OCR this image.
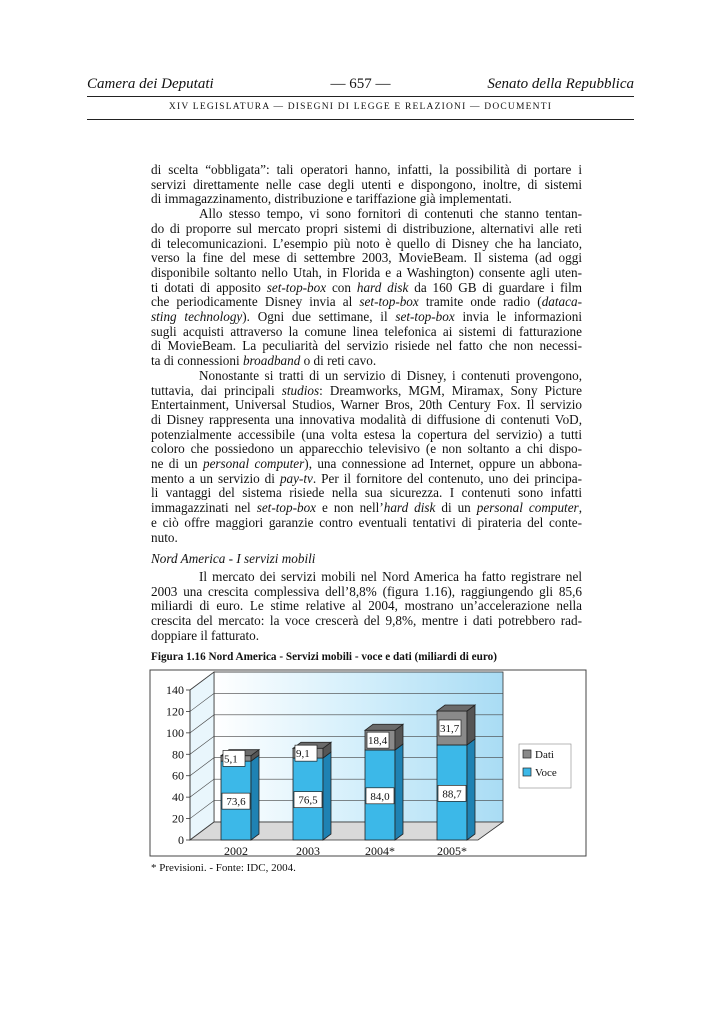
Camera dei Deputati	— 657 —	Senato della Repubblica
XIV LEGISLATURA — DISEGNI DI LEGGE E RELAZIONI — DOCUMENTI
di scelta “obbligata”: tali operatori hanno, infatti, la possibilità di portare i
servizi direttamente nelle case degli utenti e dispongono, inoltre, di sistemi
di immagazzinamento, distribuzione e tariffazione già implementati.
Allo stesso tempo, vi sono fornitori di contenuti che stanno tentan-
do di proporre sul mercato propri sistemi di distribuzione, alternativi alle reti
di telecomunicazioni. L’esempio più noto è quello di Disney che ha lanciato,
verso la fine del mese di settembre 2003, MovieBeam. Il sistema (ad oggi
disponibile soltanto nello Utah, in Florida e a Washington) consente agli uten-
ti dotati di apposito set-top-box con hard disk da 160 GB di guardare i film
che periodicamente Disney invia al set-top-box tramite onde radio (dataca-
sting technology). Ogni due settimane, il set-top-box invia le informazioni
sugli acquisti attraverso la comune linea telefonica ai sistemi di fatturazione
di MovieBeam. La peculiarità del servizio risiede nel fatto che non necessi-
ta di connessioni broadband o di reti cavo.
Nonostante si tratti di un servizio di Disney, i contenuti provengono,
tuttavia, dai principali studios: Dreamworks, MGM, Miramax, Sony Picture
Entertainment, Universal Studios, Warner Bros, 20th Century Fox. Il servizio
di Disney rappresenta una innovativa modalità di diffusione di contenuti VoD,
potenzialmente accessibile (una volta estesa la copertura del servizio) a tutti
coloro che possiedono un apparecchio televisivo (e non soltanto a chi dispo-
ne di un personal computer), una connessione ad Internet, oppure un abbona-
mento a un servizio di pay-tv. Per il fornitore del contenuto, uno dei principa-
li vantaggi del sistema risiede nella sua sicurezza. I contenuti sono infatti
immagazzinati nel set-top-box e non nell’hard disk di un personal computer,
e ciò offre maggiori garanzie contro eventuali tentativi di pirateria del conte-
nuto.
Nord America - I servizi mobili
Il mercato dei servizi mobili nel Nord America ha fatto registrare nel
2003 una crescita complessiva dell’8,8% (figura 1.16), raggiungendo gli 85,6
miliardi di euro. Le stime relative al 2004, mostrano un’accelerazione nella
crescita del mercato: la voce crescerà del 9,8%, mentre i dati potrebbero rad-
doppiare il fatturato.
Figura 1.16 Nord America - Servizi mobili - voce e dati (miliardi di euro)
0
20
40
60
80
100
120
140
73,6
5,1
2002
76,5
9,1
2003
84,0
18,4
2004*
88,7
31,7
2005*
Dati
Voce
* Previsioni. - Fonte: IDC, 2004.
